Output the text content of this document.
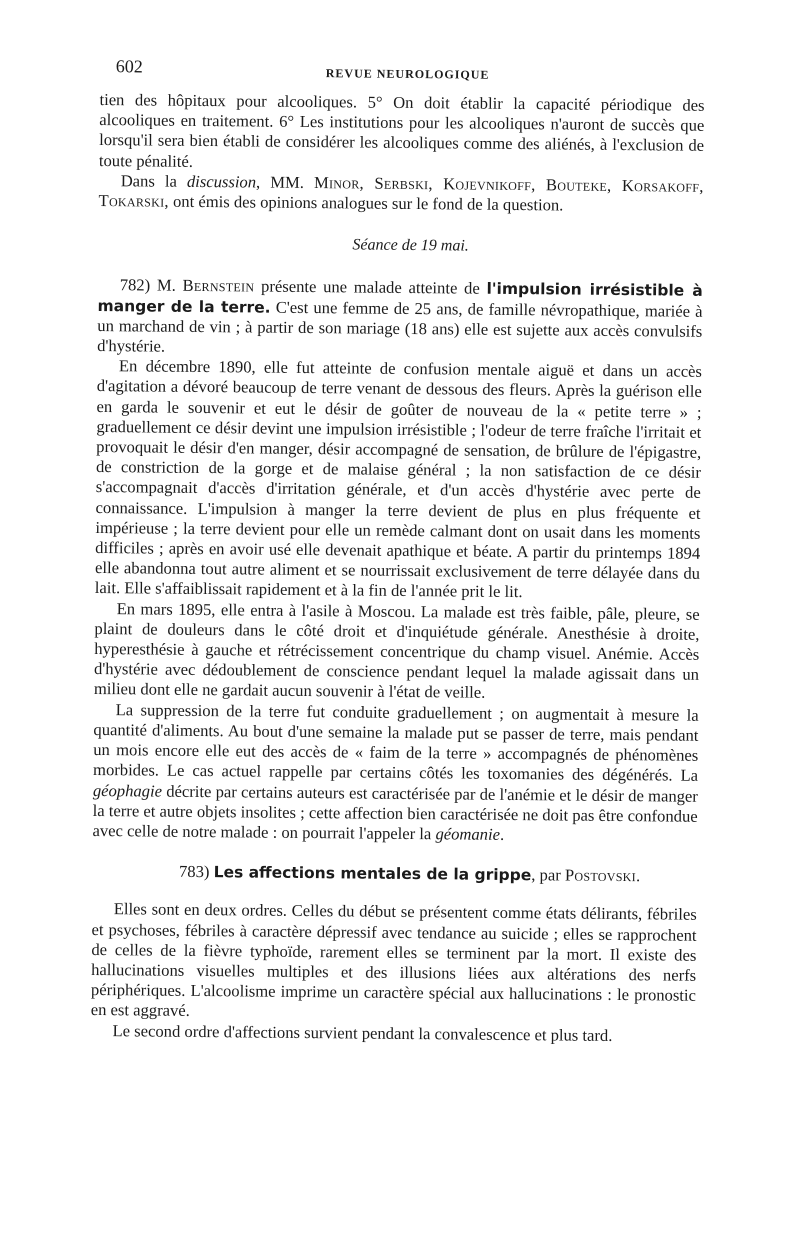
602	REVUE NEUROLOGIQUE

tien des hôpitaux pour alcooliques. 5° On doit établir la capacité périodique des alcooliques en traitement. 6° Les institutions pour les alcooliques n'auront de succès que lorsqu'il sera bien établi de considérer les alcooliques comme des aliénés, à l'exclusion de toute pénalité.

Dans la discussion, MM. Minor, Serbski, Kojevnikoff, Bouteke, Korsakoff, Tokarski, ont émis des opinions analogues sur le fond de la question.

Séance de 19 mai.

782) M. Bernstein présente une malade atteinte de l'impulsion irrésistible à manger de la terre. C'est une femme de 25 ans, de famille névropathique, mariée à un marchand de vin ; à partir de son mariage (18 ans) elle est sujette aux accès convulsifs d'hystérie.

En décembre 1890, elle fut atteinte de confusion mentale aiguë et dans un accès d'agitation a dévoré beaucoup de terre venant de dessous des fleurs. Après la guérison elle en garda le souvenir et eut le désir de goûter de nouveau de la « petite terre » ; graduellement ce désir devint une impulsion irrésistible ; l'odeur de terre fraîche l'irritait et provoquait le désir d'en manger, désir accompagné de sensation, de brûlure de l'épigastre, de constriction de la gorge et de malaise général ; la non satisfaction de ce désir s'accompagnait d'accès d'irritation générale, et d'un accès d'hystérie avec perte de connaissance. L'impulsion à manger la terre devient de plus en plus fréquente et impérieuse ; la terre devient pour elle un remède calmant dont on usait dans les moments difficiles ; après en avoir usé elle devenait apathique et béate. A partir du printemps 1894 elle abandonna tout autre aliment et se nourrissait exclusivement de terre délayée dans du lait. Elle s'affaiblissait rapidement et à la fin de l'année prit le lit.

En mars 1895, elle entra à l'asile à Moscou. La malade est très faible, pâle, pleure, se plaint de douleurs dans le côté droit et d'inquiétude générale. Anesthésie à droite, hyperesthésie à gauche et rétrécissement concentrique du champ visuel. Anémie. Accès d'hystérie avec dédoublement de conscience pendant lequel la malade agissait dans un milieu dont elle ne gardait aucun souvenir à l'état de veille.

La suppression de la terre fut conduite graduellement ; on augmentait à mesure la quantité d'aliments. Au bout d'une semaine la malade put se passer de terre, mais pendant un mois encore elle eut des accès de « faim de la terre » accompagnés de phénomènes morbides. Le cas actuel rappelle par certains côtés les toxomanies des dégénérés. La géophagie décrite par certains auteurs est caractérisée par de l'anémie et le désir de manger la terre et autre objets insolites ; cette affection bien caractérisée ne doit pas être confondue avec celle de notre malade : on pourrait l'appeler la géomanie.

783) Les affections mentales de la grippe, par Postovski.

Elles sont en deux ordres. Celles du début se présentent comme états délirants, fébriles et psychoses, fébriles à caractère dépressif avec tendance au suicide ; elles se rapprochent de celles de la fièvre typhoïde, rarement elles se terminent par la mort. Il existe des hallucinations visuelles multiples et des illusions liées aux altérations des nerfs périphériques. L'alcoolisme imprime un caractère spécial aux hallucinations : le pronostic en est aggravé.

Le second ordre d'affections survient pendant la convalescence et plus tard.
